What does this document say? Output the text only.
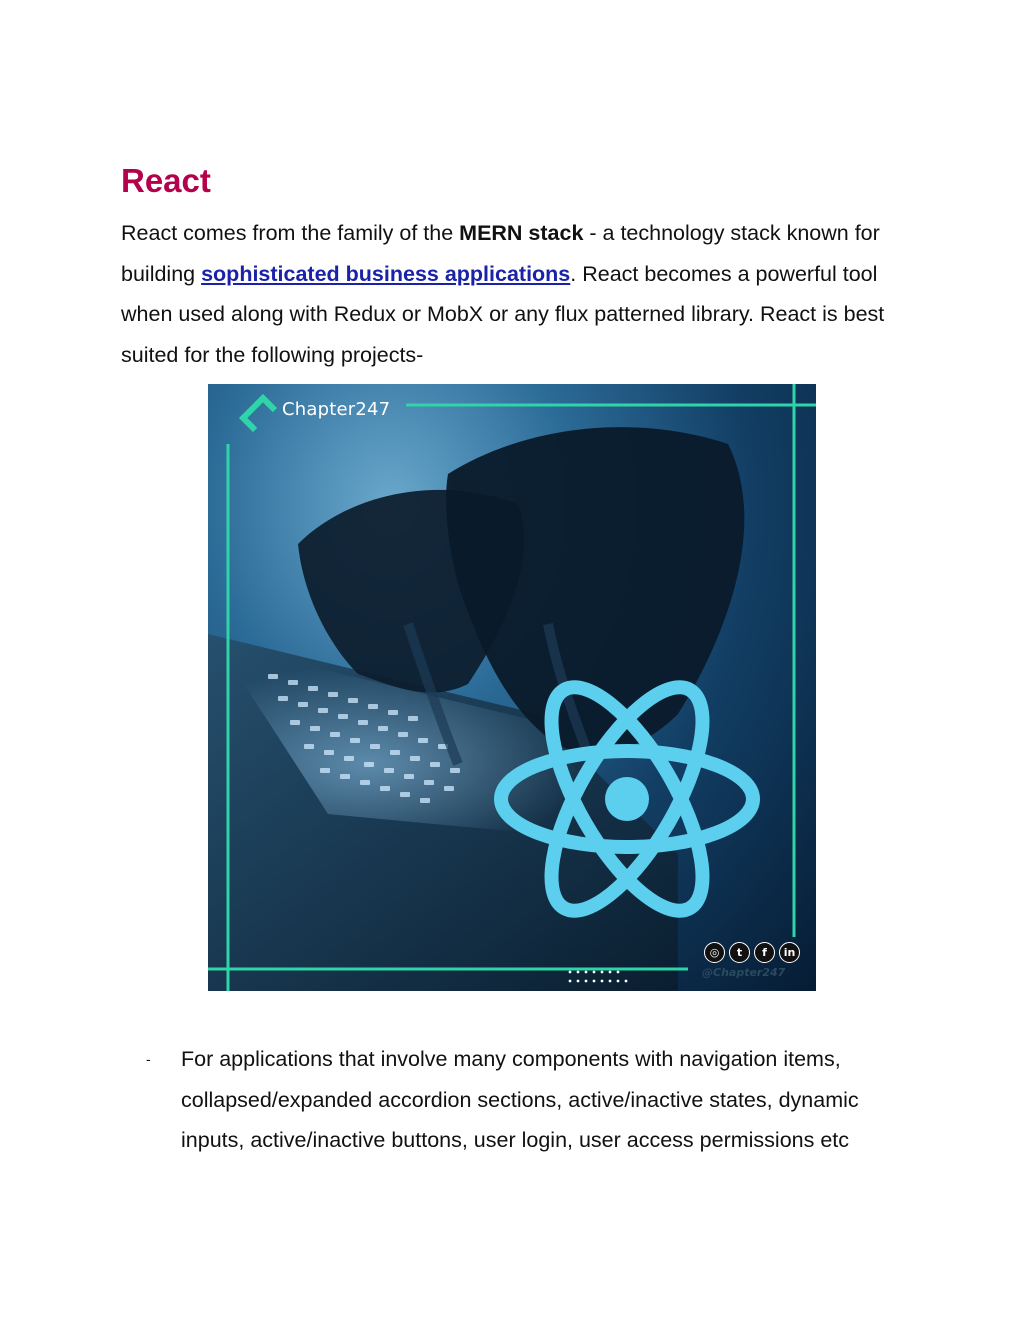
React

React comes from the family of the MERN stack - a technology stack known for building sophisticated business applications. React becomes a powerful tool when used along with Redux or MobX or any flux patterned library. React is best suited for the following projects-

Chapter247
◎	t	f	in
@Chapter247
- For applications that involve many components with navigation items, collapsed/expanded accordion sections, active/inactive states, dynamic inputs, active/inactive buttons, user login, user access permissions etc
